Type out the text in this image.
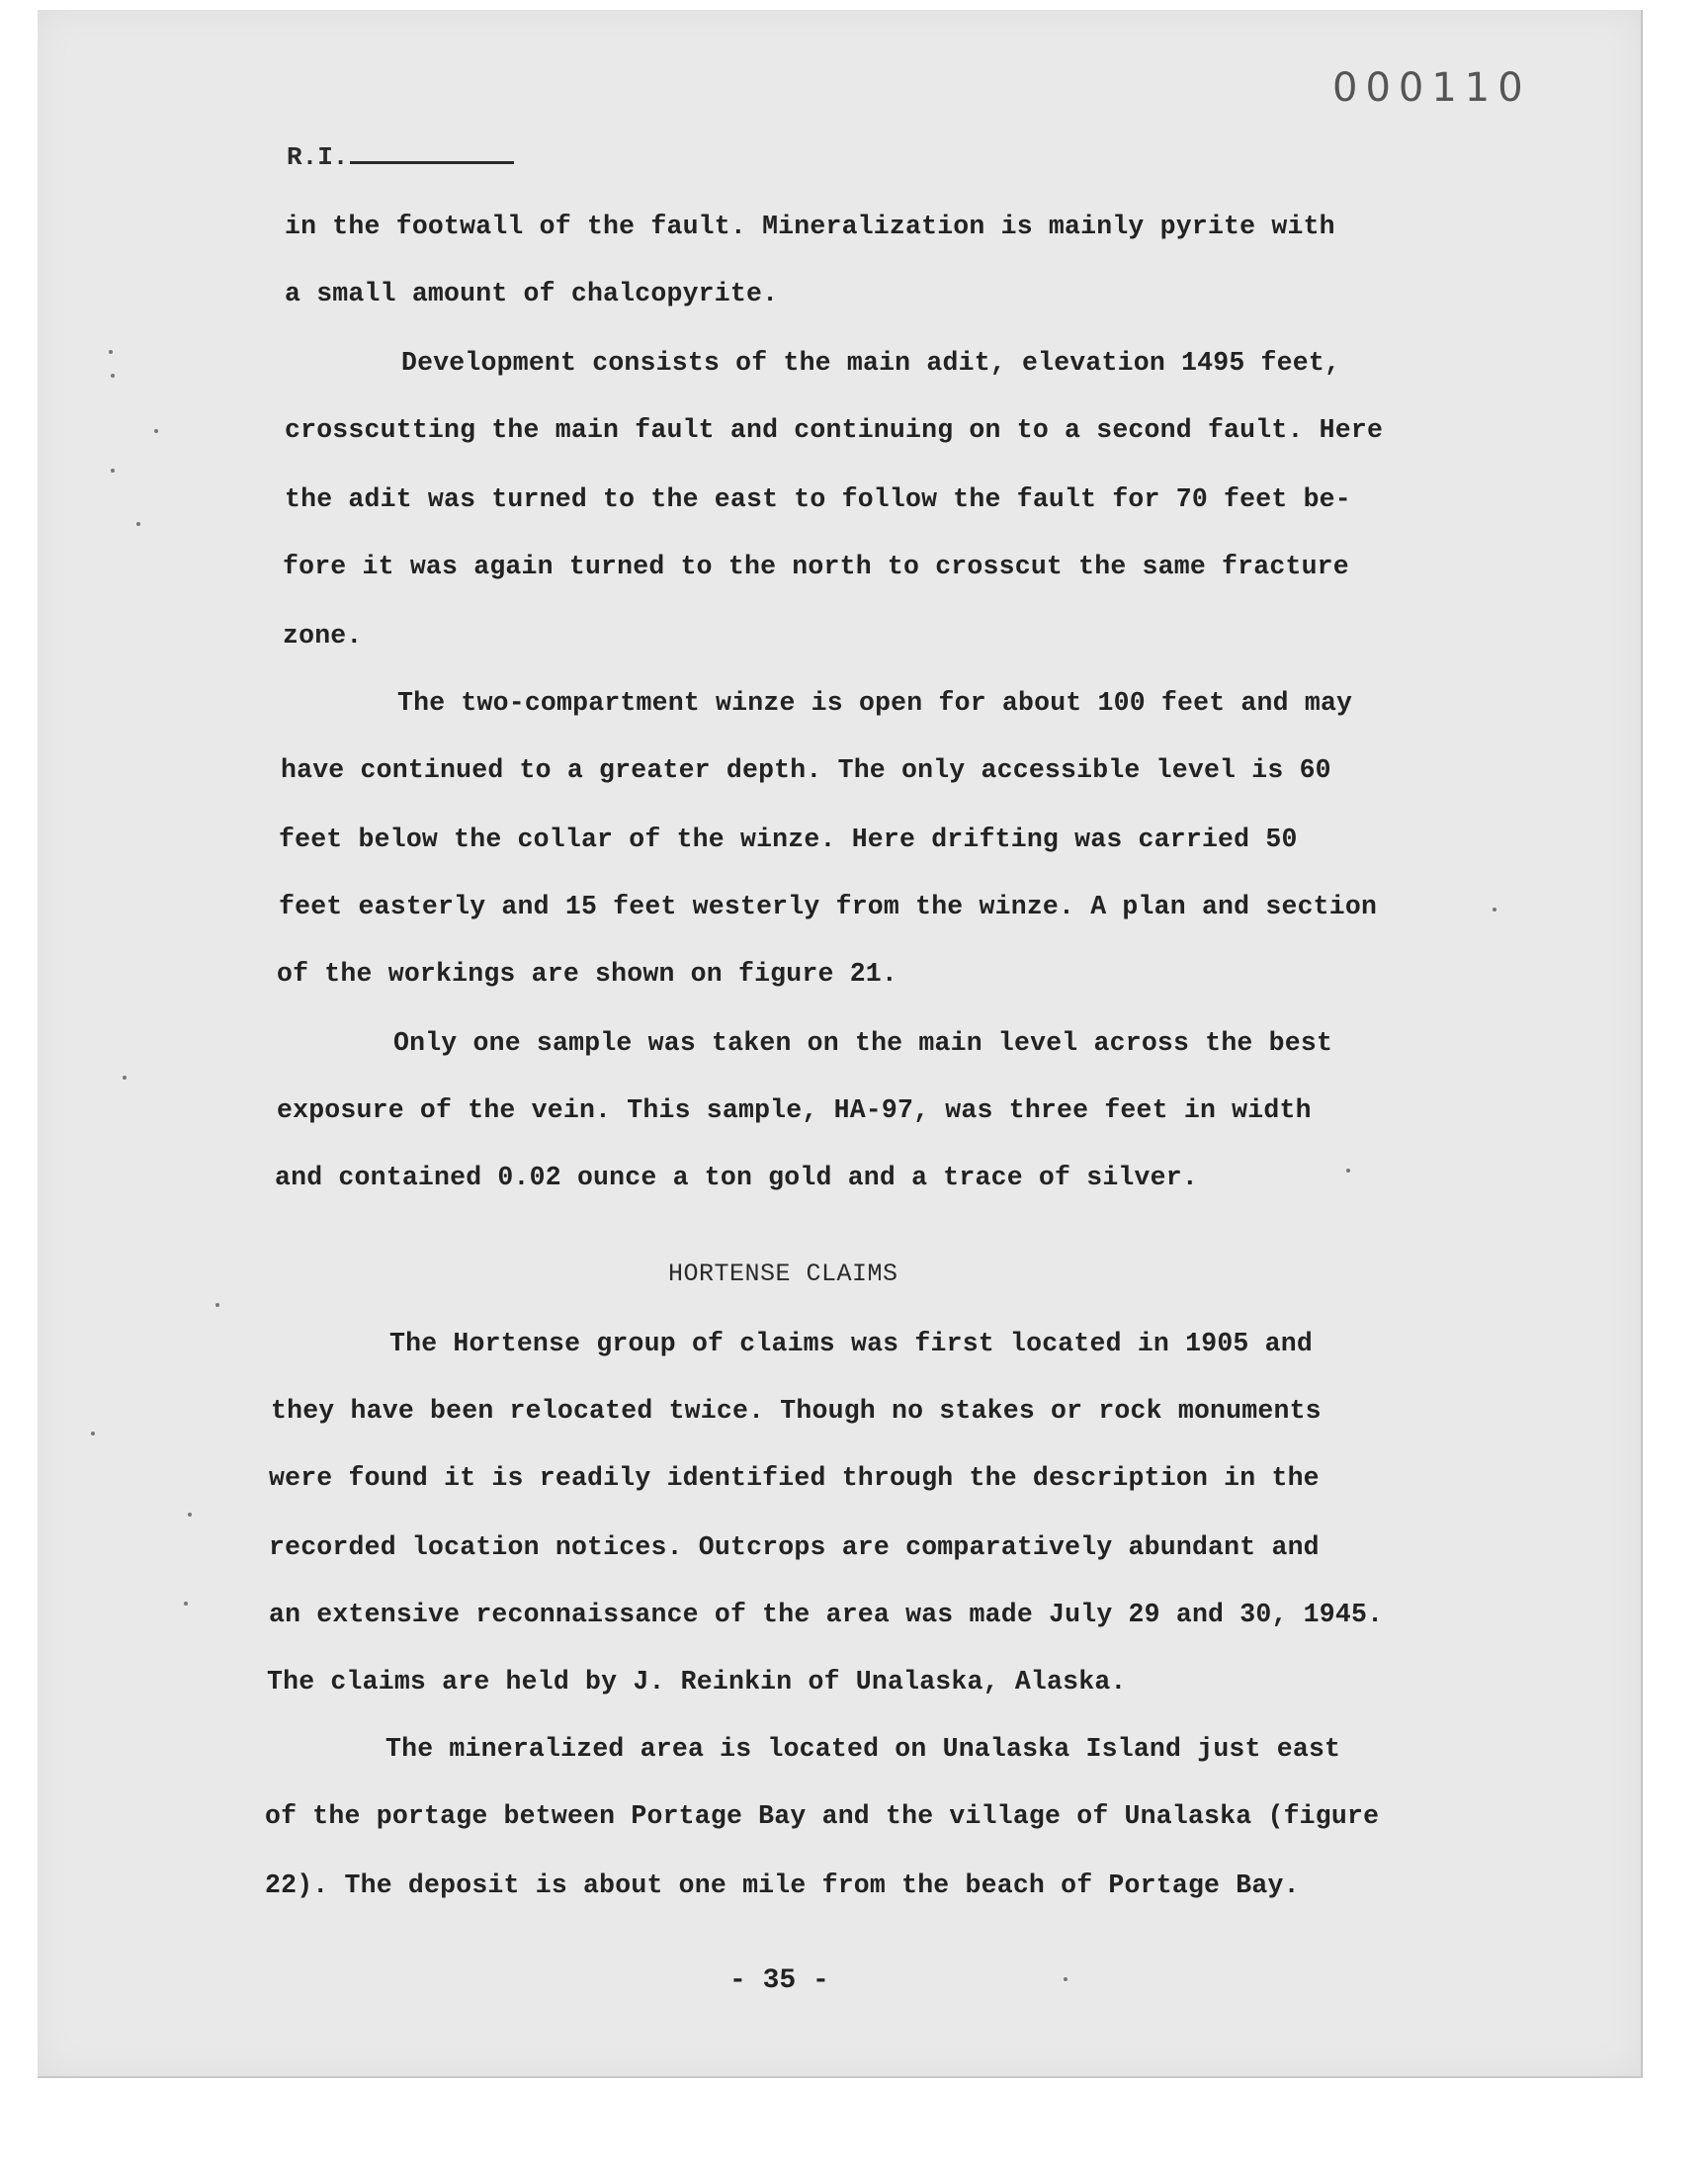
000110
R.I.
in the footwall of the fault. Mineralization is mainly pyrite with
a small amount of chalcopyrite.
Development consists of the main adit, elevation 1495 feet,
crosscutting the main fault and continuing on to a second fault. Here
the adit was turned to the east to follow the fault for 70 feet be-
fore it was again turned to the north to crosscut the same fracture
zone.
The two-compartment winze is open for about 100 feet and may
have continued to a greater depth. The only accessible level is 60
feet below the collar of the winze. Here drifting was carried 50
feet easterly and 15 feet westerly from the winze. A plan and section
of the workings are shown on figure 21.
Only one sample was taken on the main level across the best
exposure of the vein. This sample, HA-97, was three feet in width
and contained 0.02 ounce a ton gold and a trace of silver.
HORTENSE CLAIMS
The Hortense group of claims was first located in 1905 and
they have been relocated twice. Though no stakes or rock monuments
were found it is readily identified through the description in the
recorded location notices. Outcrops are comparatively abundant and
an extensive reconnaissance of the area was made July 29 and 30, 1945.
The claims are held by J. Reinkin of Unalaska, Alaska.
The mineralized area is located on Unalaska Island just east
of the portage between Portage Bay and the village of Unalaska (figure
22). The deposit is about one mile from the beach of Portage Bay.
- 35 -
